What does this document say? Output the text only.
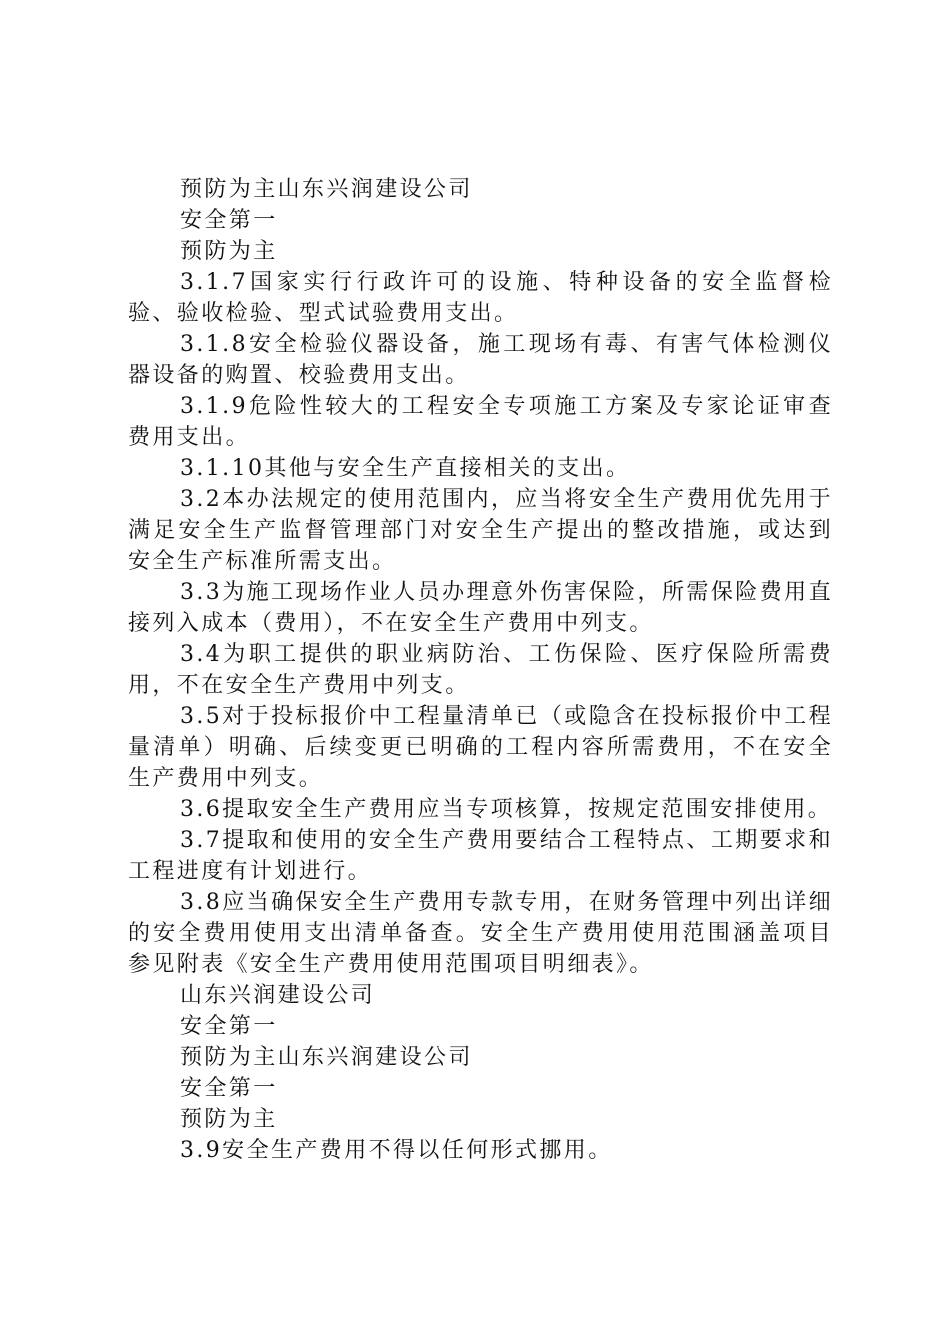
预防为主山东兴润建设公司

安全第一

预防为主

3.1.7国家实行行政许可的设施、特种设备的安全监督检验、验收检验、型式试验费用支出。

3.1.8安全检验仪器设备，施工现场有毒、有害气体检测仪器设备的购置、校验费用支出。

3.1.9危险性较大的工程安全专项施工方案及专家论证审查费用支出。

3.1.10其他与安全生产直接相关的支出。

3.2本办法规定的使用范围内，应当将安全生产费用优先用于满足安全生产监督管理部门对安全生产提出的整改措施，或达到安全生产标准所需支出。

3.3为施工现场作业人员办理意外伤害保险，所需保险费用直接列入成本（费用），不在安全生产费用中列支。

3.4为职工提供的职业病防治、工伤保险、医疗保险所需费用，不在安全生产费用中列支。

3.5对于投标报价中工程量清单已（或隐含在投标报价中工程量清单）明确、后续变更已明确的工程内容所需费用，不在安全生产费用中列支。

3.6提取安全生产费用应当专项核算，按规定范围安排使用。

3.7提取和使用的安全生产费用要结合工程特点、工期要求和工程进度有计划进行。

3.8应当确保安全生产费用专款专用，在财务管理中列出详细的安全费用使用支出清单备查。安全生产费用使用范围涵盖项目参见附表《安全生产费用使用范围项目明细表》。

山东兴润建设公司

安全第一

预防为主山东兴润建设公司

安全第一

预防为主

3.9安全生产费用不得以任何形式挪用。
